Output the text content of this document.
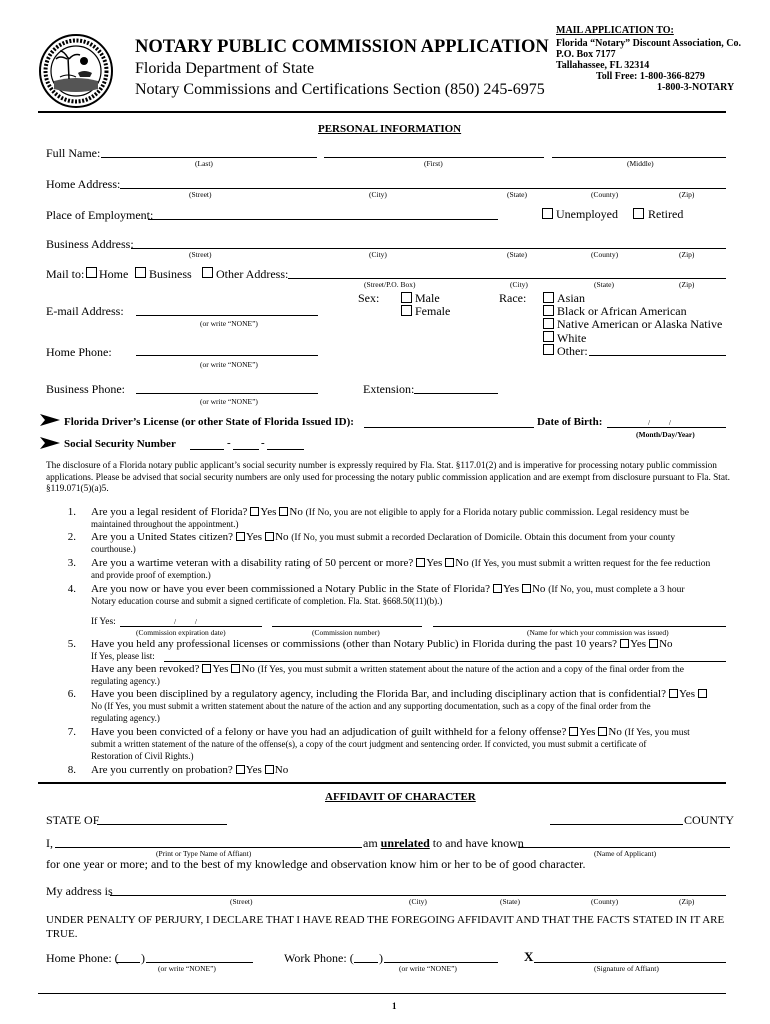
NOTARY PUBLIC COMMISSION APPLICATION
Florida Department of State
Notary Commissions and Certifications Section (850) 245-6975
MAIL APPLICATION TO:
Florida “Notary” Discount Association, Co.
P.O. Box 7177
Tallahassee, FL 32314
Toll Free: 1-800-366-8279
1-800-3-NOTARY
PERSONAL INFORMATION
Full Name:
(Last)	(First)	(Middle)
Home Address:
(Street)	(City)	(State)	(County)	(Zip)
Place of Employment:	Unemployed	Retired
Business Address:
(Street)	(City)	(State)	(County)	(Zip)
Mail to: Home Business Other Address:
(Street/P.O. Box)	(City)	(State)	(Zip)
Sex:	Male
Female
Race:	Asian
Black or African American
Native American or Alaska Native
White
Other:
E-mail Address:
(or write “NONE”)
Home Phone:
(or write “NONE”)
Business Phone:
(or write “NONE”)
Extension:
Florida Driver’s License (or other State of Florida Issued ID):	Date of Birth:	/          /
(Month/Day/Year)
Social Security Number	-	-
The disclosure of a Florida notary public applicant’s social security number is expressly required by Fla. Stat. §117.01(2) and is imperative for processing notary public commission applications. Please be advised that social security numbers are only used for processing the notary public commission application and are exempt from disclosure pursuant to Fla. Stat. §119.071(5)(a)5.
1. Are you a legal resident of Florida? Yes No (If No, you are not eligible to apply for a Florida notary public commission. Legal residency must be
maintained throughout the appointment.)
2. Are you a United States citizen? Yes No (If No, you must submit a recorded Declaration of Domicile. Obtain this document from your county
courthouse.)
3. Are you a wartime veteran with a disability rating of 50 percent or more? Yes No (If Yes, you must submit a written request for the fee reduction
and provide proof of exemption.)
4. Are you now or have you ever been commissioned a Notary Public in the State of Florida? Yes No (If No, you, must complete a 3 hour
Notary education course and submit a signed certificate of completion. Fla. Stat. §668.50(11)(b).)
If Yes:	/          /
(Commission expiration date)	(Commission number)	(Name for which your commission was issued)
5. Have you held any professional licenses or commissions (other than Notary Public) in Florida during the past 10 years? Yes No
If Yes, please list:
Have any been revoked? Yes No (If Yes, you must submit a written statement about the nature of the action and a copy of the final order from the
regulating agency.)
6. Have you been disciplined by a regulatory agency, including the Florida Bar, and including disciplinary action that is confidential? Yes
No (If Yes, you must submit a written statement about the nature of the action and any supporting documentation, such as a copy of the final order from the
regulating agency.)
7. Have you been convicted of a felony or have you had an adjudication of guilt withheld for a felony offense? Yes No (If Yes, you must
submit a written statement of the nature of the offense(s), a copy of the court judgment and sentencing order. If convicted, you must submit a certificate of
Restoration of Civil Rights.)
8. Are you currently on probation? Yes No
AFFIDAVIT OF CHARACTER
STATE OF	COUNTY
I,	am unrelated to and have known
(Print or Type Name of Affiant)	(Name of Applicant)
for one year or more; and to the best of my knowledge and observation know him or her to be of good character.
My address is
(Street)	(City)	(State)	(County)	(Zip)
UNDER PENALTY OF PERJURY, I DECLARE THAT I HAVE READ THE FOREGOING AFFIDAVIT AND THAT THE FACTS STATED IN IT ARE TRUE.
Home Phone: ( )
(or write “NONE”)
Work Phone: ( )
(or write “NONE”)
X
(Signature of Affiant)
1
